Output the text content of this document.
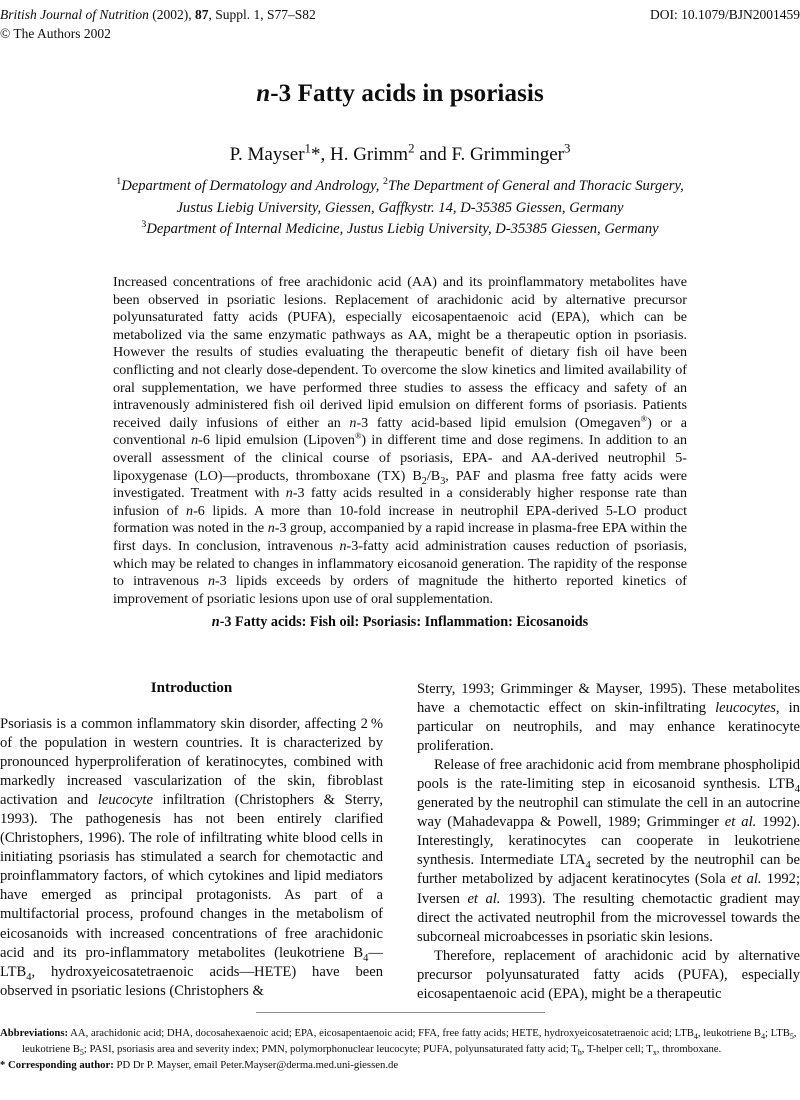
British Journal of Nutrition (2002), 87, Suppl. 1, S77–S82
© The Authors 2002
DOI: 10.1079/BJN2001459
n-3 Fatty acids in psoriasis
P. Mayser$^1$*, H. Grimm$^2$ and F. Grimminger$^3$
$^1$Department of Dermatology and Andrology, $^2$The Department of General and Thoracic Surgery,
Justus Liebig University, Giessen, Gaffkystr. 14, D-35385 Giessen, Germany
$^3$Department of Internal Medicine, Justus Liebig University, D-35385 Giessen, Germany
Increased concentrations of free arachidonic acid (AA) and its proinflammatory metabolites have been observed in psoriatic lesions. Replacement of arachidonic acid by alternative precursor polyunsaturated fatty acids (PUFA), especially eicosapentaenoic acid (EPA), which can be metabolized via the same enzymatic pathways as AA, might be a therapeutic option in psoriasis. However the results of studies evaluating the therapeutic benefit of dietary fish oil have been conflicting and not clearly dose-dependent. To overcome the slow kinetics and limited availability of oral supplementation, we have performed three studies to assess the efficacy and safety of an intravenously administered fish oil derived lipid emulsion on different forms of psoriasis. Patients received daily infusions of either an n-3 fatty acid-based lipid emulsion (Omegaven®) or a conventional n-6 lipid emulsion (Lipoven®) in different time and dose regimens. In addition to an overall assessment of the clinical course of psoriasis, EPA- and AA-derived neutrophil 5-lipoxygenase (LO)—products, thromboxane (TX) $B_2/B_3$, PAF and plasma free fatty acids were investigated. Treatment with n-3 fatty acids resulted in a considerably higher response rate than infusion of n-6 lipids. A more than 10-fold increase in neutrophil EPA-derived 5-LO product formation was noted in the n-3 group, accompanied by a rapid increase in plasma-free EPA within the first days. In conclusion, intravenous n-3-fatty acid administration causes reduction of psoriasis, which may be related to changes in inflammatory eicosanoid generation. The rapidity of the response to intravenous n-3 lipids exceeds by orders of magnitude the hitherto reported kinetics of improvement of psoriatic lesions upon use of oral supplementation.
n-3 Fatty acids: Fish oil: Psoriasis: Inflammation: Eicosanoids
Introduction

Psoriasis is a common inflammatory skin disorder, affecting 2 % of the population in western countries. It is characterized by pronounced hyperproliferation of keratinocytes, combined with markedly increased vascularization of the skin, fibroblast activation and leucocyte infiltration (Christophers & Sterry, 1993). The pathogenesis has not been entirely clarified (Christophers, 1996). The role of infiltrating white blood cells in initiating psoriasis has stimulated a search for chemotactic and proinflammatory factors, of which cytokines and lipid mediators have emerged as principal protagonists. As part of a multifactorial process, profound changes in the metabolism of eicosanoids with increased concentrations of free arachidonic acid and its pro-inflammatory metabolites (leukotriene $B_4—LTB_4$, hydroxyeicosatetraenoic acids—HETE) have been observed in psoriatic lesions (Christophers &

Sterry, 1993; Grimminger & Mayser, 1995). These metabolites have a chemotactic effect on skin-infiltrating leucocytes, in particular on neutrophils, and may enhance keratinocyte proliferation.

Release of free arachidonic acid from membrane phospholipid pools is the rate-limiting step in eicosanoid synthesis. $LTB_4$ generated by the neutrophil can stimulate the cell in an autocrine way (Mahadevappa & Powell, 1989; Grimminger et al. 1992). Interestingly, keratinocytes can cooperate in leukotriene synthesis. Intermediate $LTA_4$ secreted by the neutrophil can be further metabolized by adjacent keratinocytes (Sola et al. 1992; Iversen et al. 1993). The resulting chemotactic gradient may direct the activated neutrophil from the microvessel towards the subcorneal microabcesses in psoriatic skin lesions.

Therefore, replacement of arachidonic acid by alternative precursor polyunsaturated fatty acids (PUFA), especially eicosapentaenoic acid (EPA), might be a therapeutic

Abbreviations: AA, arachidonic acid; DHA, docosahexaenoic acid; EPA, eicosapentaenoic acid; FFA, free fatty acids; HETE, hydroxyeicosatetraenoic acid; $LTB_4$, leukotriene $B_4$; $LTB_5$, leukotriene $B_5$; PASI, psoriasis area and severity index; PMN, polymorphonuclear leucocyte; PUFA, polyunsaturated fatty acid; $T_h$, T-helper cell; $T_x$, thromboxane.
* Corresponding author: PD Dr P. Mayser, email Peter.Mayser@derma.med.uni-giessen.de
